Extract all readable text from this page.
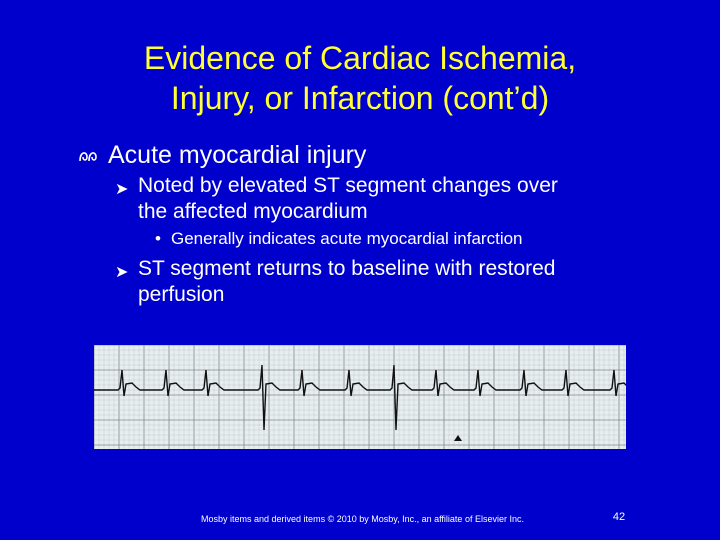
Evidence of Cardiac Ischemia,
Injury, or Infarction (cont’d)
Acute myocardial injury
➤ Noted by elevated ST segment changes over
the affected myocardium
• Generally indicates acute myocardial infarction
➤ ST segment returns to baseline with restored
perfusion
Mosby items and derived items © 2010 by Mosby, Inc., an affiliate of Elsevier Inc.	42
